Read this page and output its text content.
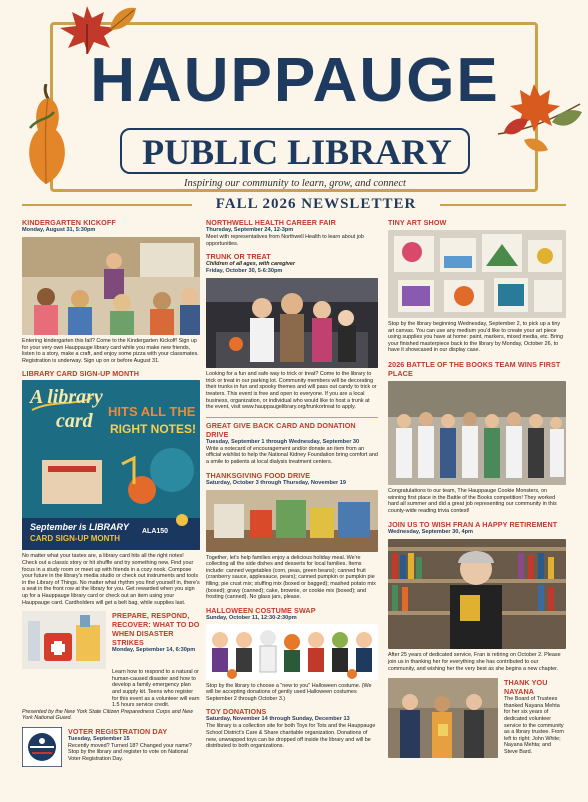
HAUPPAUGE
PUBLIC LIBRARY
Inspiring our community to learn, grow, and connect
FALL 2026 NEWSLETTER
KINDERGARTEN KICKOFF
Monday, August 31, 5:30pm
Entering kindergarten this fall? Come to the Kindergarten Kickoff! Sign up for your very own Hauppauge library card while you make new friends, listen to a story, make a craft, and enjoy some pizza with your classmates. Registration is underway. Sign up on or before August 31.
LIBRARY CARD SIGN-UP MONTH
A library
card HITS ALL THE
RIGHT NOTES!
September is LIBRARY
CARD SIGN-UP MONTH
ALA150
No matter what your tastes are, a library card hits all the right notes! Check out a classic story or hit shuffle and try something new. Find your focus in a study room or meet up with friends in a cozy nook. Compose your future in the library's media studio or check out instruments and tools in the Library of Things. No matter what rhythm you find yourself in, there's a seat in the front row at the library for you. Get rewarded when you sign up for a Hauppauge library card or check out an item using your Hauppauge card. Cardholders will get a belt bag, while supplies last.
PREPARE, RESPOND, RECOVER: WHAT TO DO WHEN DISASTER STRIKES
Monday, September 14, 6:30pm
Learn how to respond to a natural or human-caused disaster and how to develop a family emergency plan and supply kit. Teens who register for this event as a volunteer will earn 1.5 hours service credit.
Presented by the New York State Citizen Preparedness Corps and New York National Guard.
VOTER REGISTRATION DAY
Tuesday, September 15
Recently moved? Turned 18? Changed your name? Stop by the library and register to vote on National Voter Registration Day.
NORTHWELL HEALTH CAREER FAIR
Thursday, September 24, 12-3pm
Meet with representatives from Northwell Health to learn about job opportunities.
TRUNK OR TREAT
Children of all ages, with caregiver
Friday, October 30, 5-6:30pm
Looking for a fun and safe way to trick or treat? Come to the library to trick or treat in our parking lot. Community members will be decorating their trunks in fun and spooky themes and will pass out candy to trick or treaters. This event is free and open to everyone. If you are a local business, organization, or individual who would like to host a trunk at the event, visit www.hauppaugelibrary.org/trunkortreat to apply.
GREAT GIVE BACK CARD AND DONATION DRIVE
Tuesday, September 1 through Wednesday, September 30
Write a notecard of encouragement and/or donate an item from an official wishlist to help the National Kidney Foundation bring comfort and a smile to patients at local dialysis treatment centers.
THANKSGIVING FOOD DRIVE
Saturday, October 3 through Thursday, November 19
Together, let's help families enjoy a delicious holiday meal. We're collecting all the side dishes and desserts for local families. Items include: canned vegetables (corn, peas, green beans); canned fruit (cranberry sauce, applesauce, pears); canned pumpkin or pumpkin pie filling; pie crust mix; stuffing mix (boxed or bagged); mashed potato mix (boxed); gravy (canned); cake, brownie, or cookie mix (boxed); and frosting (canned). No glass jars, please.
HALLOWEEN COSTUME SWAP
Sunday, October 11, 12:30-2:30pm
Stop by the library to choose a "new to you" Halloween costume. (We will be accepting donations of gently used Halloween costumes September 2 through October 3.)
TOY DONATIONS
Saturday, November 14 through Sunday, December 13
The library is a collection site for both Toys for Tots and the Hauppauge School District's Care & Share charitable organization. Donations of new, unwrapped toys can be dropped off inside the library and will be distributed to both organizations.
TINY ART SHOW
Stop by the library beginning Wednesday, September 2, to pick up a tiny art canvas. You can use any medium you'd like to create your art piece using supplies you have at home: paint, markers, mixed media, etc. Bring your finished masterpiece back to the library by Monday, October 26, to have it showcased in our display case.
2026 BATTLE OF THE BOOKS TEAM WINS FIRST PLACE
Congratulations to our team, The Hauppauge Cookie Monsters, on winning first place in the Battle of the Books competition! They worked hard all summer and did a great job representing our community in this county-wide reading trivia contest!
JOIN US TO WISH FRAN A HAPPY RETIREMENT
Wednesday, September 30, 4pm
After 25 years of dedicated service, Fran is retiring on October 2. Please join us in thanking her for everything she has contributed to our community, and wishing her the very best as she begins a new chapter.
THANK YOU NAYANA
The Board of Trustees thanked Nayana Mehta for her six years of dedicated volunteer service to the community as a library trustee. From left to right: John White; Nayana Mehta; and Steve Bard.
